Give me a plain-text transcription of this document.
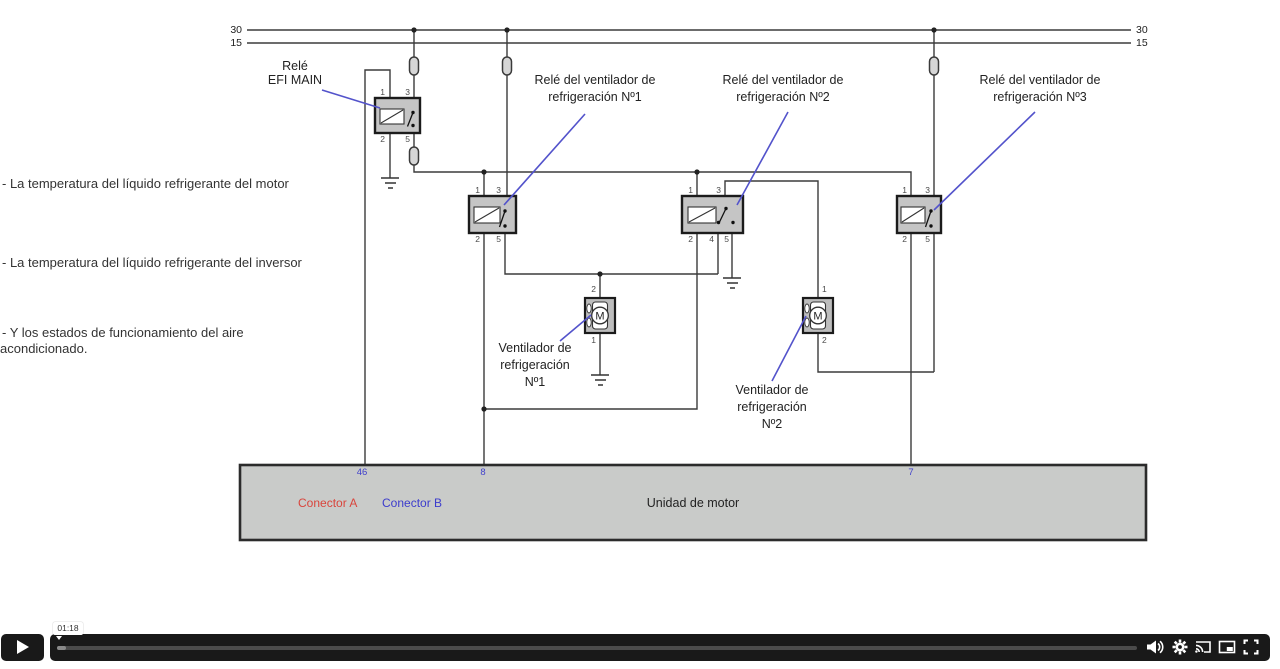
M	M
30
15
30
15
Relé
EFI MAIN	Relé del ventilador de
refrigeración Nº1
Relé del ventilador de
refrigeración Nº2
Relé del ventilador de
refrigeración Nº3
Ventilador de
refrigeración
Nº1
Ventilador de
refrigeración
Nº2
- La temperatura del líquido refrigerante del motor
- La temperatura del líquido refrigerante del inversor
- Y los estados de funcionamiento del aire
acondicionado.
1	3
2	5
1	3
2	5
1	3
2	4	5
1	3
2	5
2
1
1
2
46	8	7
Conector A Conector B	Unidad de motor
01:18
